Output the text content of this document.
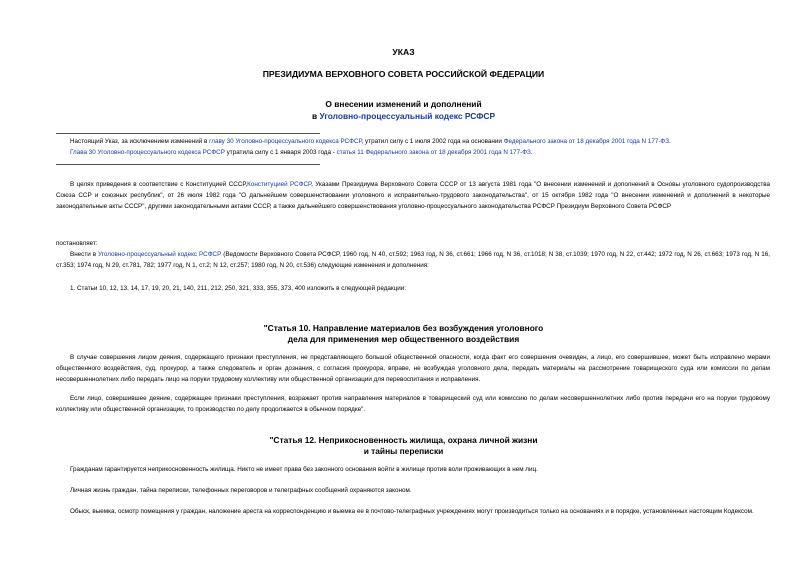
УКАЗ
ПРЕЗИДИУМА ВЕРХОВНОГО СОВЕТА РОССИЙСКОЙ ФЕДЕРАЦИИ
О внесении изменений и дополнений
в Уголовно-процессуальный кодекс РСФСР
Настоящий Указ, за исключением изменений в главу 30 Уголовно-процессуального кодекса РСФСР, утратил силу с 1 июля 2002 года на основании Федерального закона от 18 декабря 2001 года N 177-ФЗ.
Глава 30 Уголовно-процессуального кодекса РСФСР утратила силу с 1 января 2003 года - статья 11 Федерального закона от 18 декабря 2001 года N 177-ФЗ.
В целях приведения в соответствие с Конституцией СССР,Конституцией РСФСР, Указами Президиума Верховного Совета СССР от 13 августа 1981 года "О внесении изменений и дополнений в Основы уголовного судопроизводства Союза ССР и союзных республик", от 26 июля 1982 года "О дальнейшем совершенствовании уголовного и исправительно-трудового законодательства", от 15 октября 1982 года "О внесении изменений и дополнений в некоторые законодательные акты СССР", другими законодательными актами СССР, а также дальнейшего совершенствования уголовно-процессуального законодательства РСФСР Президиум Верховного Совета РСФСР
постановляет:
Внести в Уголовно-процессуальный кодекс РСФСР (Ведомости Верховного Совета РСФСР, 1960 год, N 40, ст.592; 1963 год, N 36, ст.661; 1966 год, N 36, ст.1018; N 38, ст.1039; 1970 год, N 22, ст.442; 1972 год, N 26, ст.663; 1973 год, N 16, ст.353; 1974 год, N 29, ст.781, 782; 1977 год, N 1, ст.2; N 12, ст.257; 1980 год, N 20, ст.536) следующие изменения и дополнения:
1. Статьи 10, 12, 13, 14, 17, 19, 20, 21, 140, 211, 212, 250, 321, 333, 355, 373, 400 изложить в следующей редакции:
"Статья 10. Направление материалов без возбуждения уголовного
дела для применения мер общественного воздействия
В случае совершения лицом деяния, содержащего признаки преступления, не представляющего большой общественной опасности, когда факт его совершения очевиден, а лицо, его совершившее, может быть исправлено мерами общественного воздействия, суд, прокурор, а также следователь и орган дознания, с согласия прокурора, вправе, не возбуждая уголовного дела, передать материалы на рассмотрение товарищеского суда или комиссии по делам несовершеннолетних либо передать лицо на поруки трудовому коллективу или общественной организации для перевоспитания и исправления.
Если лицо, совершившее деяние, содержащее признаки преступления, возражает против направления материалов в товарищеский суд или комиссию по делам несовершеннолетних либо против передачи его на поруки трудовому коллективу или общественной организации, то производство по делу продолжается в обычном порядке".
"Статья 12. Неприкосновенность жилища, охрана личной жизни
и тайны переписки
Гражданам гарантируется неприкосновенность жилища. Никто не имеет права без законного основания войти в жилище против воли проживающих в нем лиц.
Личная жизнь граждан, тайна переписки, телефонных переговоров и телеграфных сообщений охраняются законом.
Обыск, выемка, осмотр помещения у граждан, наложение ареста на корреспонденцию и выемка ее в почтово-телеграфных учреждениях могут производиться только на основаниях и в порядке, установленных настоящим Кодексом.
